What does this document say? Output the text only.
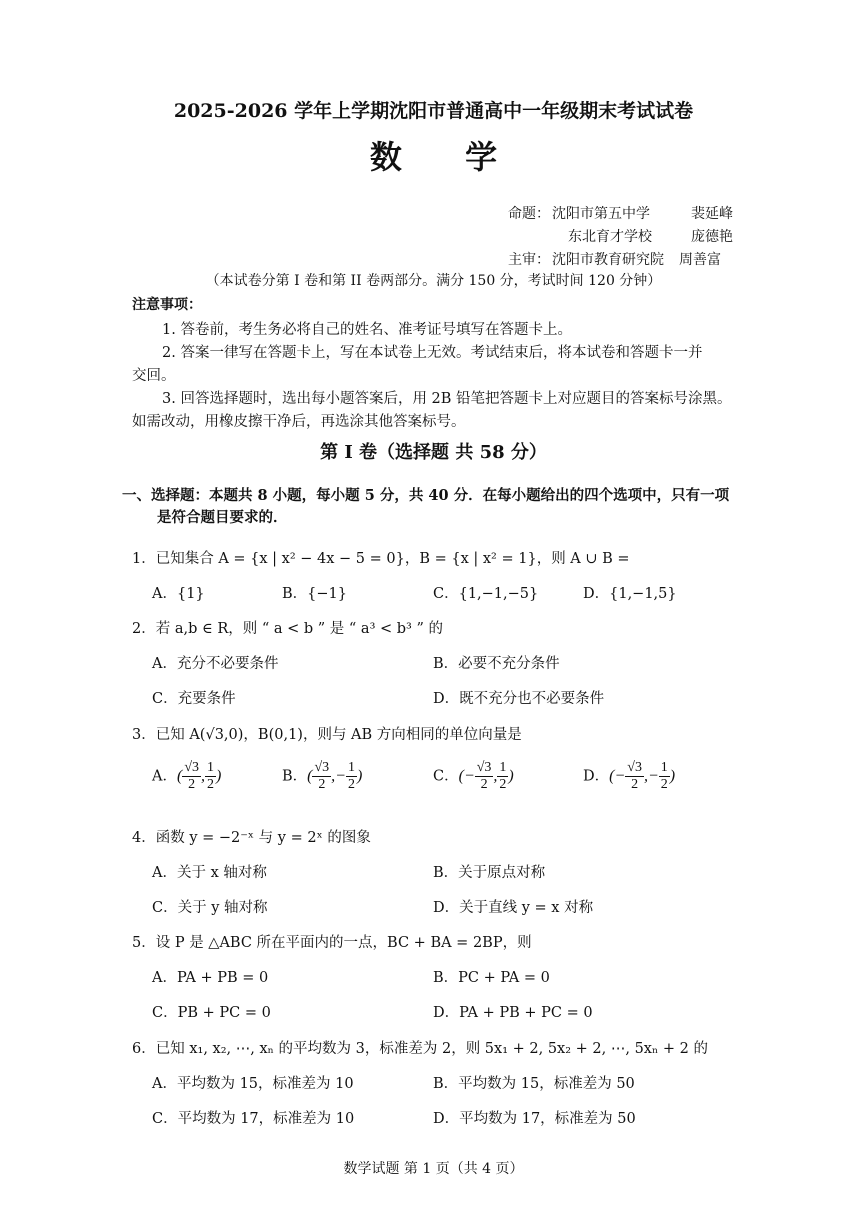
2025-2026 学年上学期沈阳市普通高中一年级期末考试试卷
数 学
命题： 沈阳市第五中学	裴延峰
东北育才学校	庞德艳
主审： 沈阳市教育研究院 周善富
（本试卷分第 I 卷和第 II 卷两部分。满分 150 分，考试时间 120 分钟）
注意事项：
1. 答卷前，考生务必将自己的姓名、准考证号填写在答题卡上。
2. 答案一律写在答题卡上，写在本试卷上无效。考试结束后，将本试卷和答题卡一并
交回。
3. 回答选择题时，选出每小题答案后，用 2B 铅笔把答题卡上对应题目的答案标号涂黑。
如需改动，用橡皮擦干净后，再选涂其他答案标号。
第 I 卷（选择题 共 58 分）
一、选择题：本题共 8 小题，每小题 5 分，共 40 分．在每小题给出的四个选项中，只有一项
是符合题目要求的．
1．已知集合 A = {x | x² − 4x − 5 = 0}，B = {x | x² = 1}，则 A ∪ B =
A．{1}	B．{−1}	C．{1,−1,−5}	D．{1,−1,5}
2．若 a,b ∈ R，则 “ a < b ” 是 “ a³ < b³ ” 的
A．充分不必要条件	B．必要不充分条件
C．充要条件	D．既不充分也不必要条件
3．已知 A(√3,0)，B(0,1)，则与 AB 方向相同的单位向量是
A．( $\frac{√3}{2}$ , $\frac{1}{2}$ )	B．( $\frac{√3}{2}$ ,− $\frac{1}{2}$ )	C．(− $\frac{√3}{2}$ , $\frac{1}{2}$ )	D．(− $\frac{√3}{2}$ ,− $\frac{1}{2}$ )
4．函数 y = −2⁻ˣ 与 y = 2ˣ 的图象
A．关于 x 轴对称	B．关于原点对称
C．关于 y 轴对称	D．关于直线 y = x 对称
5．设 P 是 △ABC 所在平面内的一点，BC + BA = 2BP，则
A．PA + PB = 0	B．PC + PA = 0
C．PB + PC = 0	D．PA + PB + PC = 0
6．已知 x₁, x₂, ⋯, xₙ 的平均数为 3，标准差为 2，则 5x₁ + 2, 5x₂ + 2, ⋯, 5xₙ + 2 的
A．平均数为 15，标准差为 10	B．平均数为 15，标准差为 50
C．平均数为 17，标准差为 10	D．平均数为 17，标准差为 50
数学试题 第 1 页（共 4 页）
